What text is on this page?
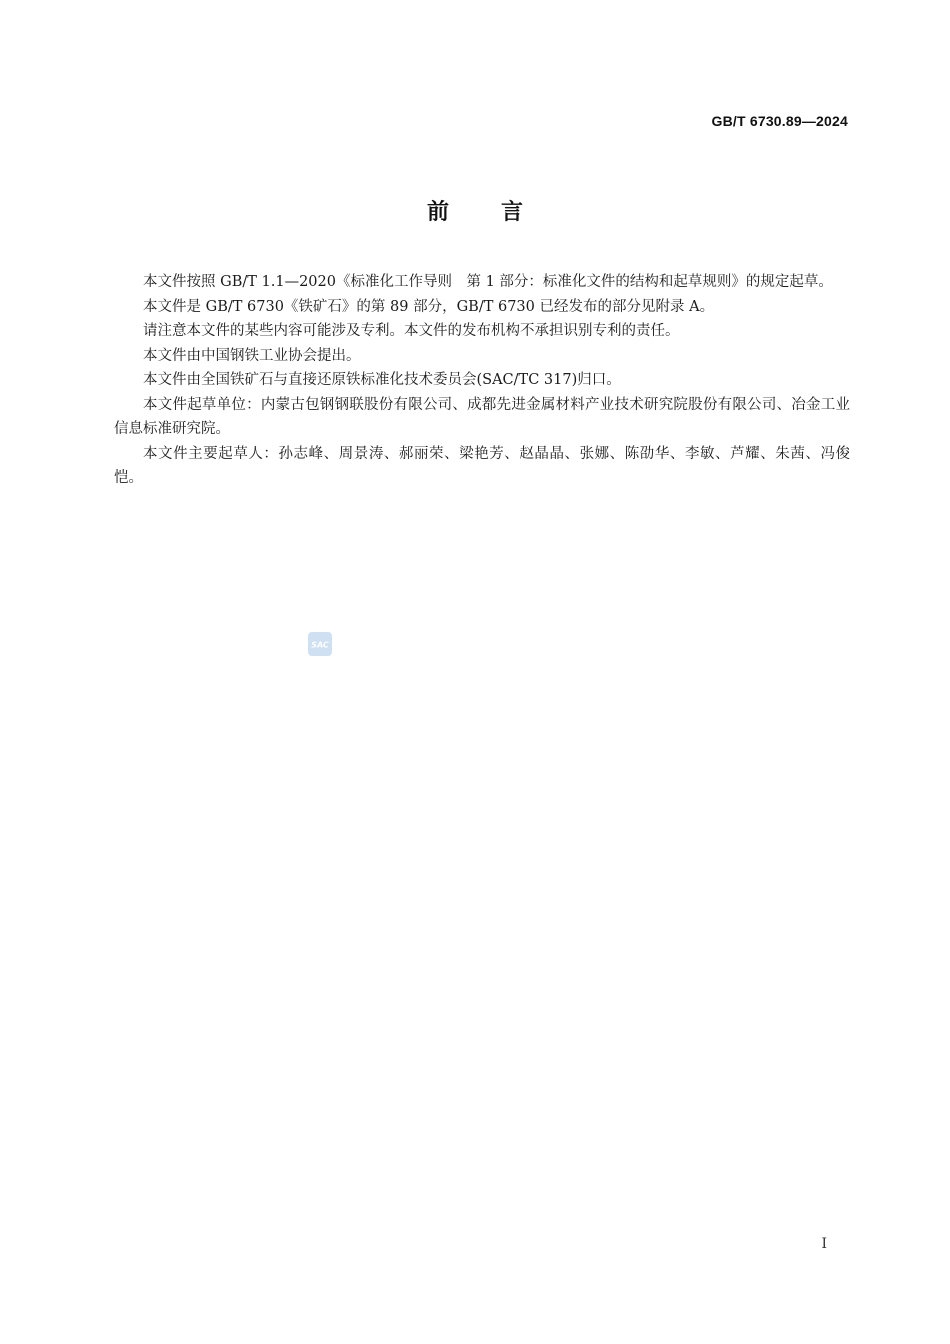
GB/T 6730.89—2024
前言

本文件按照 GB/T 1.1—2020《标准化工作导则　第 1 部分：标准化文件的结构和起草规则》的规定起草。

本文件是 GB/T 6730《铁矿石》的第 89 部分，GB/T 6730 已经发布的部分见附录 A。

请注意本文件的某些内容可能涉及专利。本文件的发布机构不承担识别专利的责任。

本文件由中国钢铁工业协会提出。

本文件由全国铁矿石与直接还原铁标准化技术委员会(SAC/TC 317)归口。

本文件起草单位：内蒙古包钢钢联股份有限公司、成都先进金属材料产业技术研究院股份有限公司、冶金工业信息标准研究院。

本文件主要起草人：孙志峰、周景涛、郝丽荣、梁艳芳、赵晶晶、张娜、陈劭华、李敏、芦耀、朱茜、冯俊恺。

SAC
I
